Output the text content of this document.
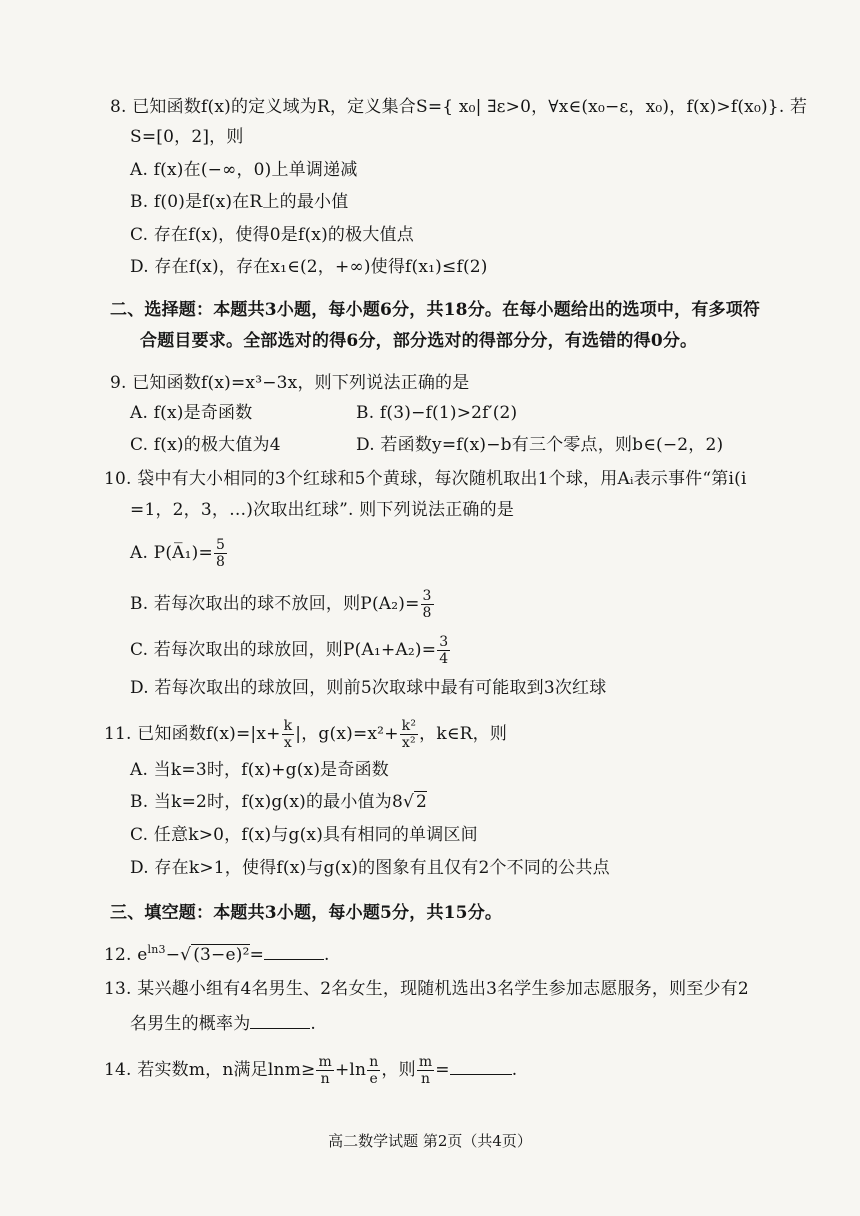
8. 已知函数f(x)的定义域为R，定义集合S={ x₀| ∃ε>0，∀x∈(x₀−ε，x₀)，f(x)>f(x₀)}. 若
S=[0，2]，则
A. f(x)在(−∞，0)上单调递减
B. f(0)是f(x)在R上的最小值
C. 存在f(x)，使得0是f(x)的极大值点
D. 存在f(x)，存在x₁∈(2，+∞)使得f(x₁)≤f(2)
二、选择题：本题共3小题，每小题6分，共18分。在每小题给出的选项中，有多项符
合题目要求。全部选对的得6分，部分选对的得部分分，有选错的得0分。
9. 已知函数f(x)=x³−3x，则下列说法正确的是
A. f(x)是奇函数	B. f(3)−f(1)>2f′(2)
C. f(x)的极大值为4	D. 若函数y=f(x)−b有三个零点，则b∈(−2，2)
10. 袋中有大小相同的3个红球和5个黄球，每次随机取出1个球，用Aᵢ表示事件“第i(i
=1，2，3，…)次取出红球”. 则下列说法正确的是
A. P(A̅₁)= $\frac{5}{8}$
B. 若每次取出的球不放回，则$P(A_2)= \frac{3}{8}$
C. 若每次取出的球放回，则$P(A_1+A_2)= \frac{3}{4}$
D. 若每次取出的球放回，则前5次取球中最有可能取到3次红球
11. 已知函数$f(x)=|x+ \frac{k}{x}$ |，$g(x)=x^2+ \frac{\text{k²}}{\text{x²}}$ ，k∈R，则
A. 当k=3时，f(x)+g(x)是奇函数
B. 当k=2时，f(x)g(x)的最小值为8√ 2
C. 任意k>0，f(x)与g(x)具有相同的单调区间
D. 存在k>1，使得f(x)与g(x)的图象有且仅有2个不同的公共点
三、填空题：本题共3小题，每小题5分，共15分。
12. $e^{ln3}-√$ (3−e)²=	.
13. 某兴趣小组有4名男生、2名女生，现随机选出3名学生参加志愿服务，则至少有2
名男生的概率为	.
14. 若实数m，n满足$\ln m\ge \frac{m}{n} +\ln \frac{n}{e}$ ，则 $\frac{m}{n}$ =	.
高二数学试题 第2页（共4页）
